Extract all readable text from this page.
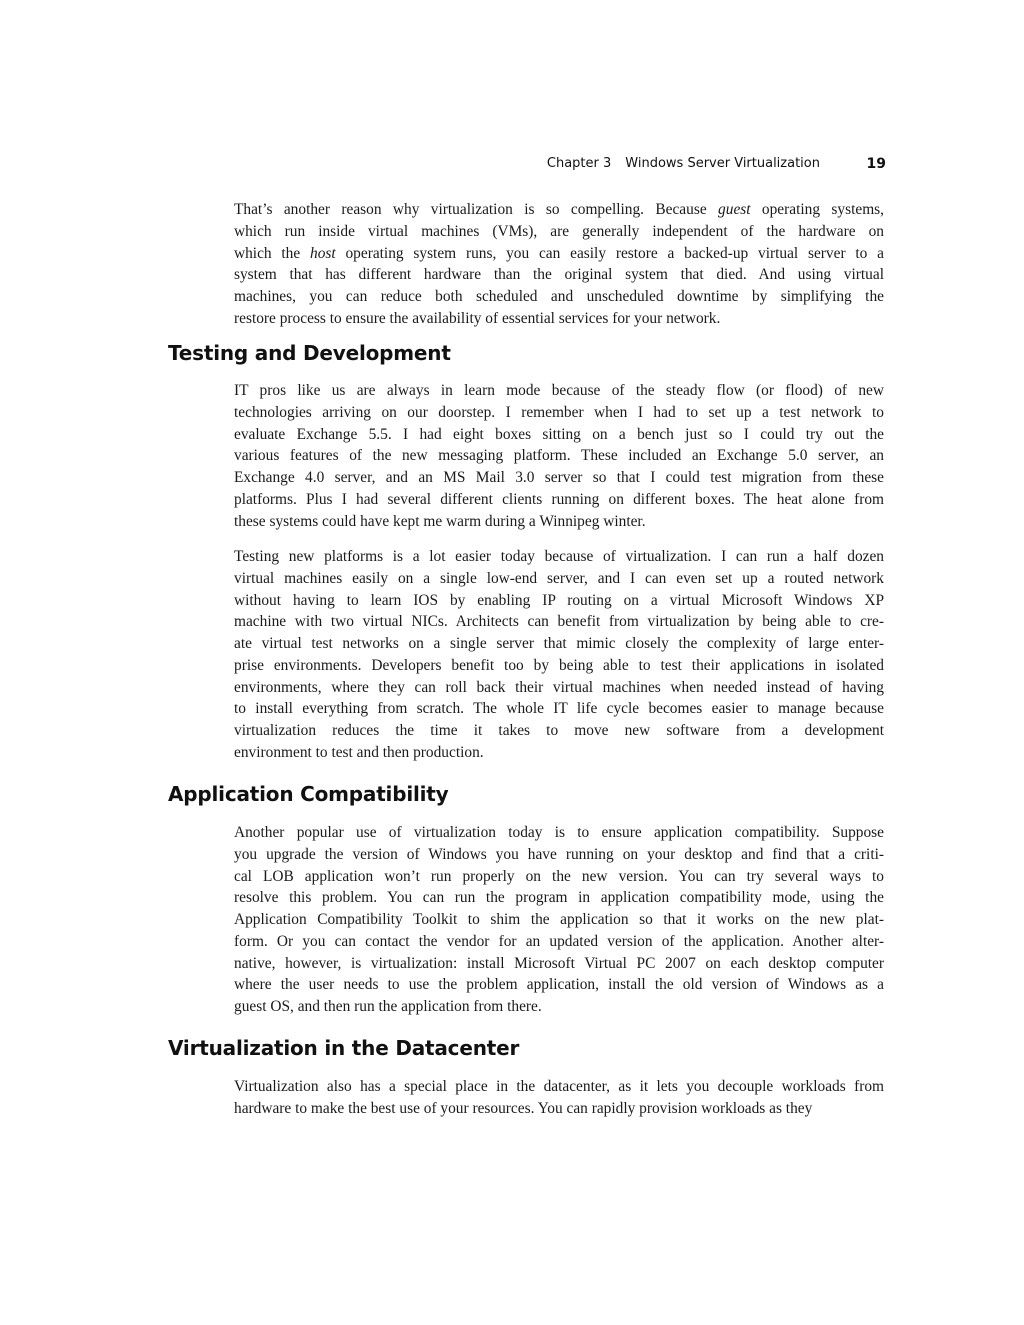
Chapter 3 Windows Server Virtualization	19
That’s another reason why virtualization is so compelling. Because guest operating systems,
which run inside virtual machines (VMs), are generally independent of the hardware on
which the host operating system runs, you can easily restore a backed-up virtual server to a
system that has different hardware than the original system that died. And using virtual
machines, you can reduce both scheduled and unscheduled downtime by simplifying the
restore process to ensure the availability of essential services for your network.
Testing and Development
IT pros like us are always in learn mode because of the steady flow (or flood) of new
technologies arriving on our doorstep. I remember when I had to set up a test network to
evaluate Exchange 5.5. I had eight boxes sitting on a bench just so I could try out the
various features of the new messaging platform. These included an Exchange 5.0 server, an
Exchange 4.0 server, and an MS Mail 3.0 server so that I could test migration from these
platforms. Plus I had several different clients running on different boxes. The heat alone from
these systems could have kept me warm during a Winnipeg winter.
Testing new platforms is a lot easier today because of virtualization. I can run a half dozen
virtual machines easily on a single low-end server, and I can even set up a routed network
without having to learn IOS by enabling IP routing on a virtual Microsoft Windows XP
machine with two virtual NICs. Architects can benefit from virtualization by being able to cre-
ate virtual test networks on a single server that mimic closely the complexity of large enter-
prise environments. Developers benefit too by being able to test their applications in isolated
environments, where they can roll back their virtual machines when needed instead of having
to install everything from scratch. The whole IT life cycle becomes easier to manage because
virtualization reduces the time it takes to move new software from a development
environment to test and then production.
Application Compatibility
Another popular use of virtualization today is to ensure application compatibility. Suppose
you upgrade the version of Windows you have running on your desktop and find that a criti-
cal LOB application won’t run properly on the new version. You can try several ways to
resolve this problem. You can run the program in application compatibility mode, using the
Application Compatibility Toolkit to shim the application so that it works on the new plat-
form. Or you can contact the vendor for an updated version of the application. Another alter-
native, however, is virtualization: install Microsoft Virtual PC 2007 on each desktop computer
where the user needs to use the problem application, install the old version of Windows as a
guest OS, and then run the application from there.
Virtualization in the Datacenter
Virtualization also has a special place in the datacenter, as it lets you decouple workloads from
hardware to make the best use of your resources. You can rapidly provision workloads as they
